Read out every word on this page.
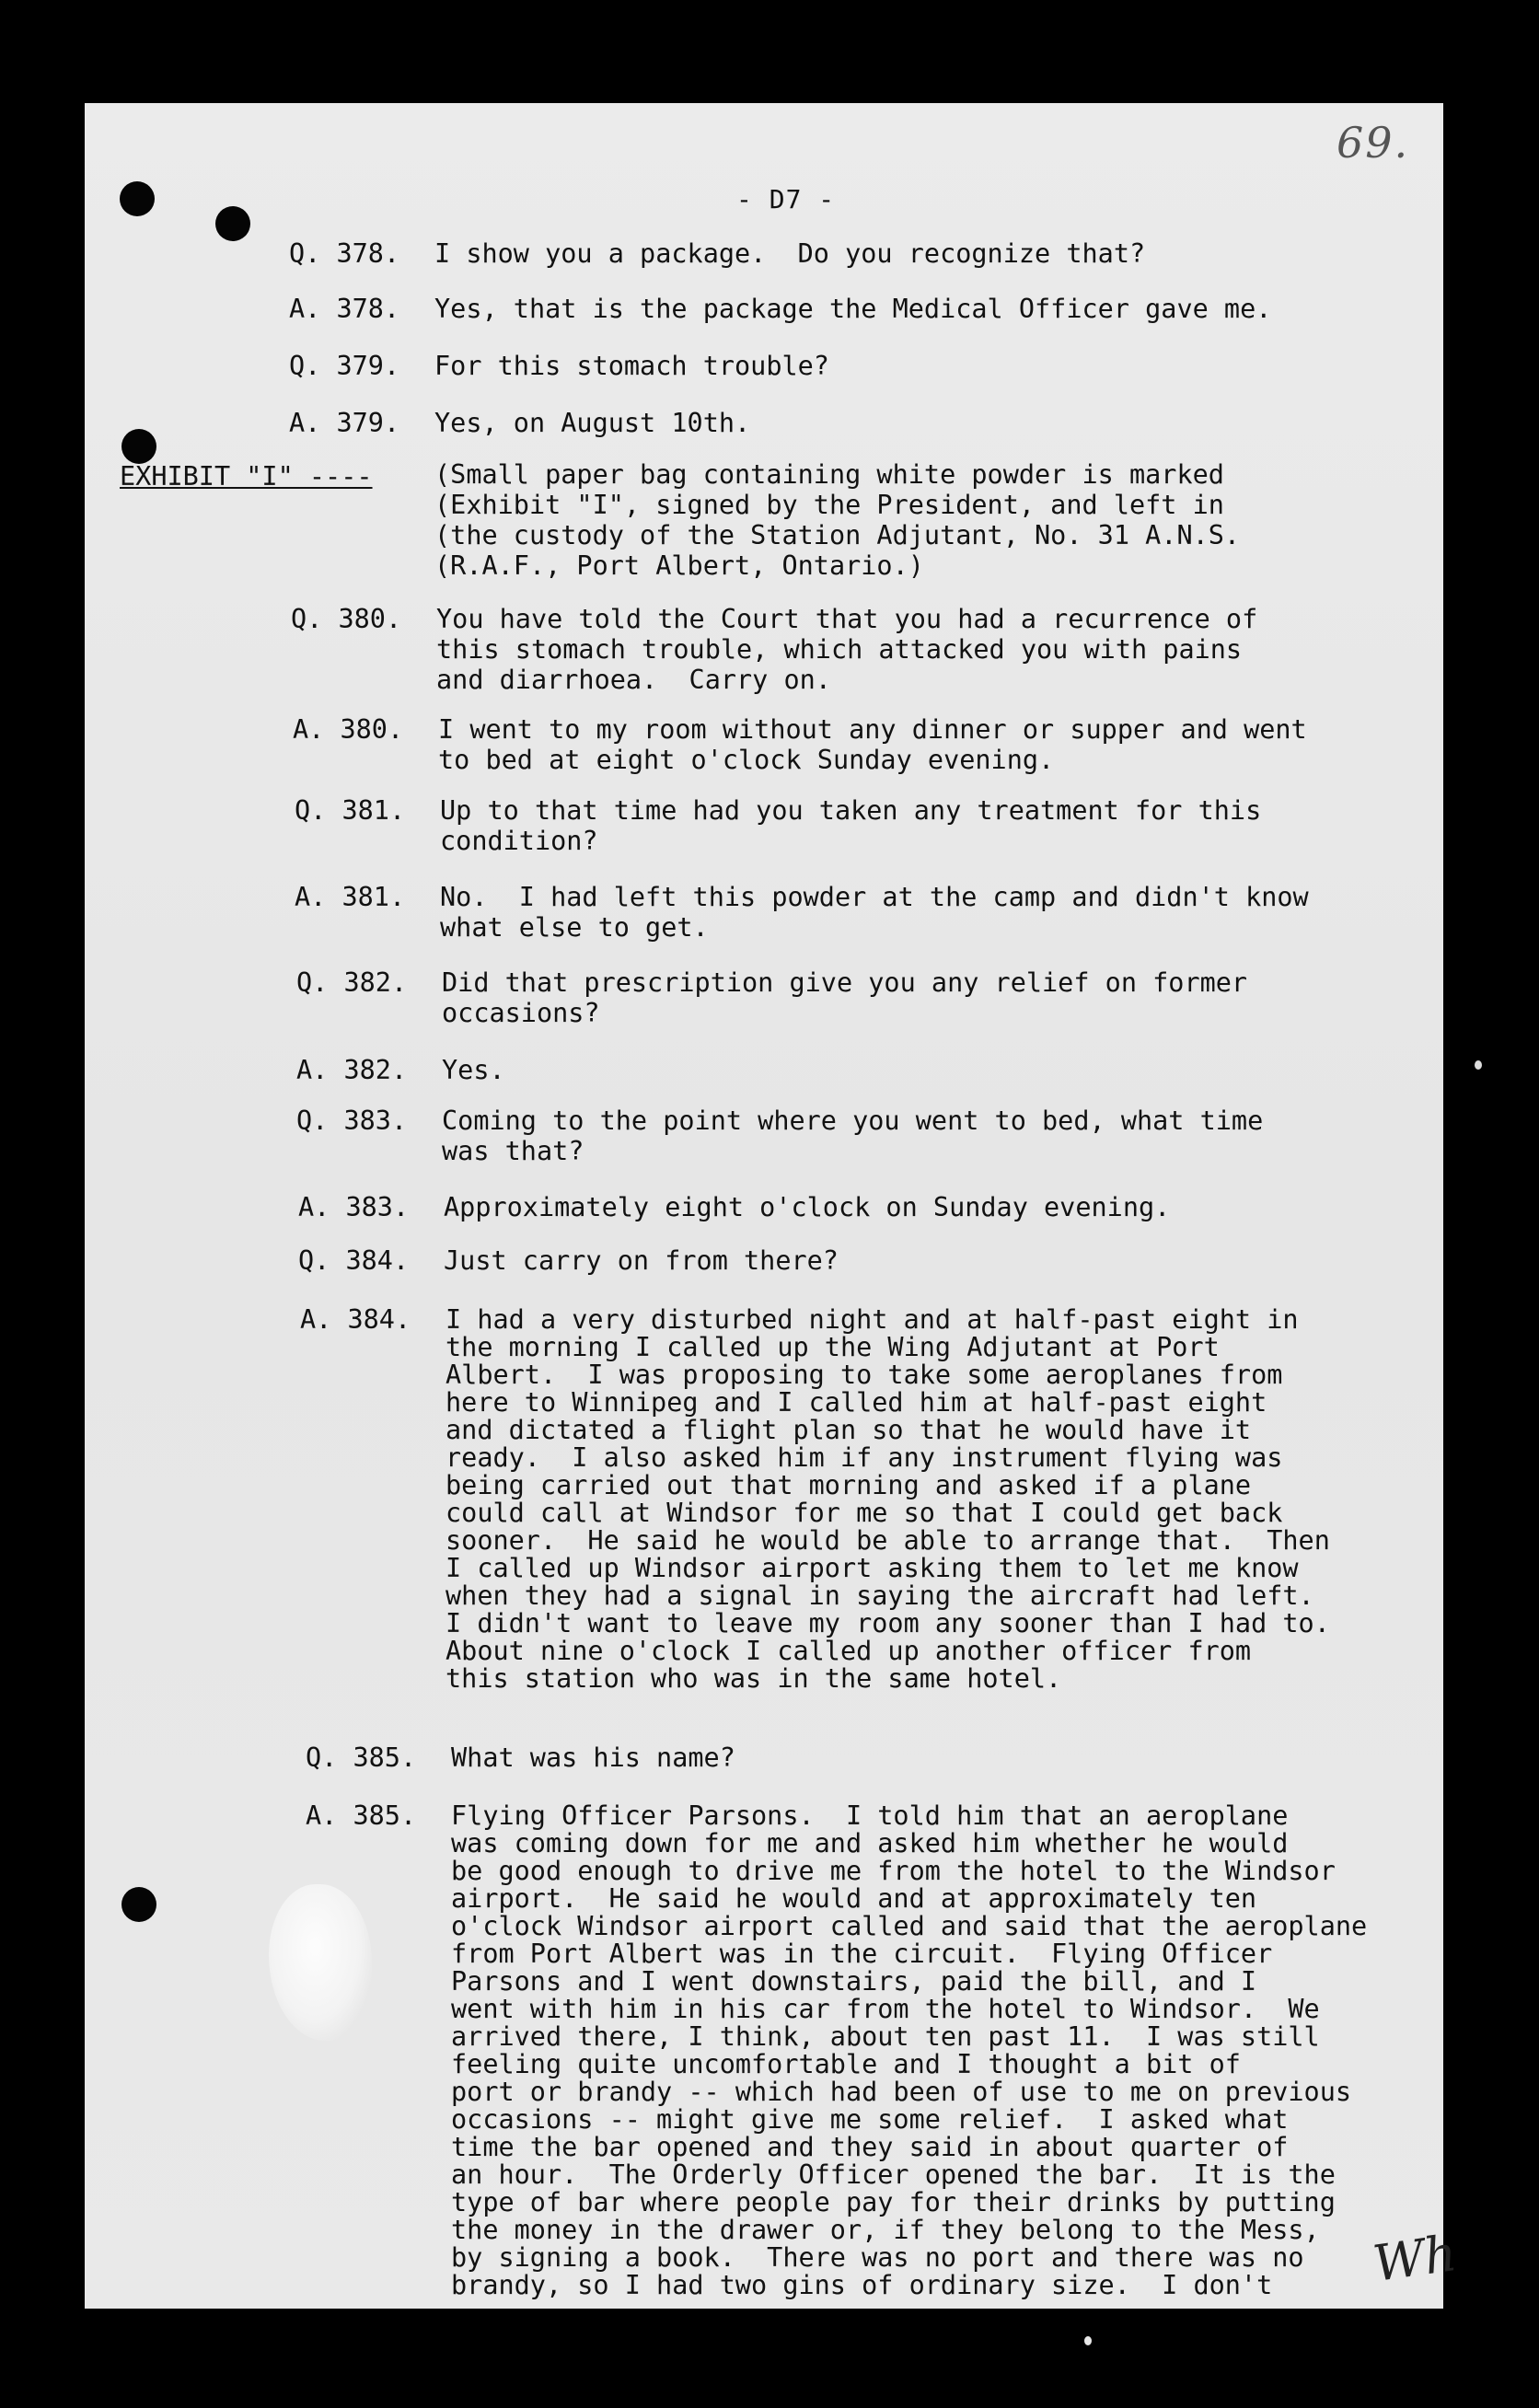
69.
- D7 -
Q. 378. I show you a package.  Do you recognize that?
A. 378. Yes, that is the package the Medical Officer gave me.
Q. 379. For this stomach trouble?
A. 379. Yes, on August 10th.
EXHIBIT "I" ---- (Small paper bag containing white powder is marked
(Exhibit "I", signed by the President, and left in
(the custody of the Station Adjutant, No. 31 A.N.S.
(R.A.F., Port Albert, Ontario.)
Q. 380. You have told the Court that you had a recurrence of
this stomach trouble, which attacked you with pains
and diarrhoea.  Carry on.
A. 380. I went to my room without any dinner or supper and went
to bed at eight o'clock Sunday evening.
Q. 381. Up to that time had you taken any treatment for this
condition?
A. 381. No.  I had left this powder at the camp and didn't know
what else to get.
Q. 382. Did that prescription give you any relief on former
occasions?
A. 382. Yes.
Q. 383. Coming to the point where you went to bed, what time
was that?
A. 383. Approximately eight o'clock on Sunday evening.
Q. 384. Just carry on from there?
A. 384. I had a very disturbed night and at half-past eight in
the morning I called up the Wing Adjutant at Port
Albert.  I was proposing to take some aeroplanes from
here to Winnipeg and I called him at half-past eight
and dictated a flight plan so that he would have it
ready.  I also asked him if any instrument flying was
being carried out that morning and asked if a plane
could call at Windsor for me so that I could get back
sooner.  He said he would be able to arrange that.  Then
I called up Windsor airport asking them to let me know
when they had a signal in saying the aircraft had left.
I didn't want to leave my room any sooner than I had to.
About nine o'clock I called up another officer from
this station who was in the same hotel.
Q. 385. What was his name?
A. 385. Flying Officer Parsons.  I told him that an aeroplane
was coming down for me and asked him whether he would
be good enough to drive me from the hotel to the Windsor
airport.  He said he would and at approximately ten
o'clock Windsor airport called and said that the aeroplane
from Port Albert was in the circuit.  Flying Officer
Parsons and I went downstairs, paid the bill, and I
went with him in his car from the hotel to Windsor.  We
arrived there, I think, about ten past 11.  I was still
feeling quite uncomfortable and I thought a bit of
port or brandy -- which had been of use to me on previous
occasions -- might give me some relief.  I asked what
time the bar opened and they said in about quarter of
an hour.  The Orderly Officer opened the bar.  It is the
type of bar where people pay for their drinks by putting
the money in the drawer or, if they belong to the Mess,
by signing a book.  There was no port and there was no
brandy, so I had two gins of ordinary size.  I don't Wh
